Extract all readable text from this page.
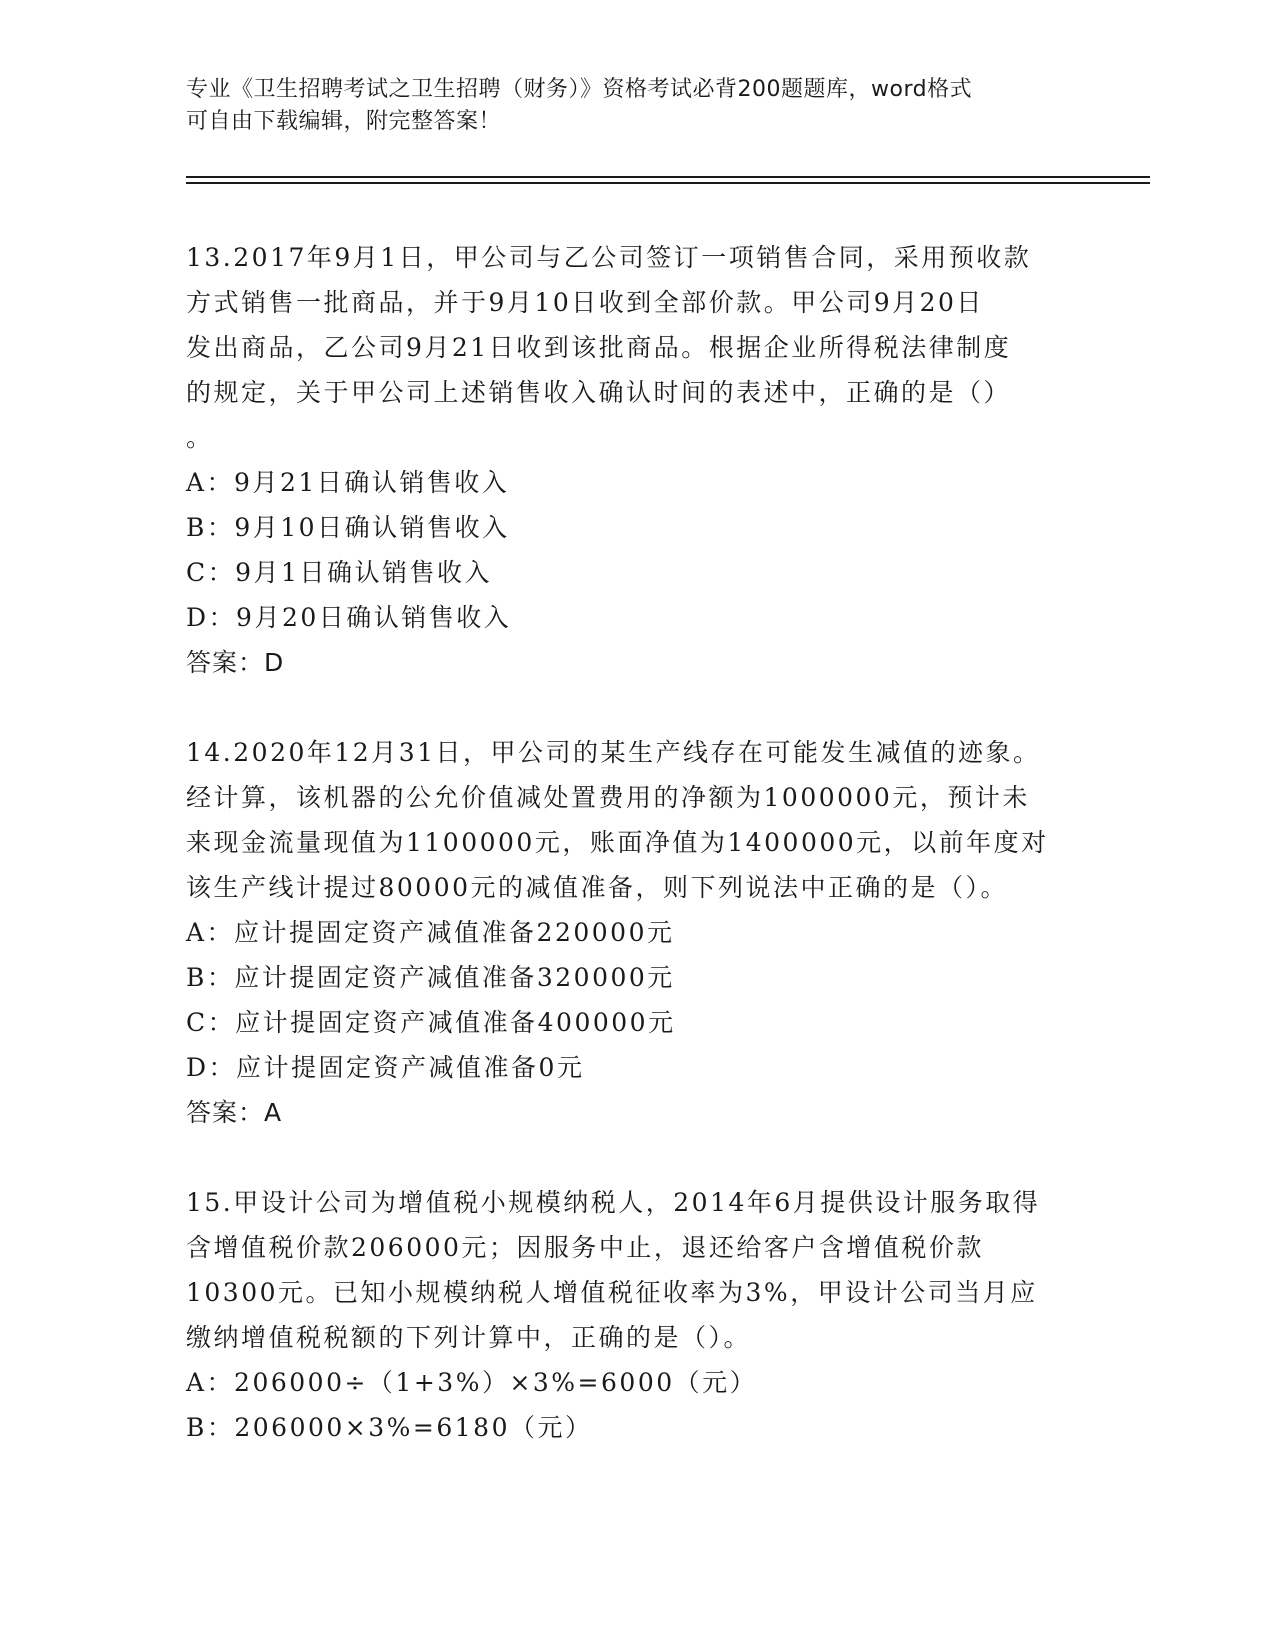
专业《卫生招聘考试之卫生招聘（财务）》资格考试必背200题题库，word格式
可自由下载编辑，附完整答案！
13.2017年9月1日，甲公司与乙公司签订一项销售合同，采用预收款
方式销售一批商品，并于9月10日收到全部价款。甲公司9月20日
发出商品，乙公司9月21日收到该批商品。根据企业所得税法律制度
的规定，关于甲公司上述销售收入确认时间的表述中，正确的是（）
。
A：9月21日确认销售收入
B：9月10日确认销售收入
C：9月1日确认销售收入
D：9月20日确认销售收入
答案：D
14.2020年12月31日，甲公司的某生产线存在可能发生减值的迹象。
经计算，该机器的公允价值减处置费用的净额为1000000元，预计未
来现金流量现值为1100000元，账面净值为1400000元，以前年度对
该生产线计提过80000元的减值准备，则下列说法中正确的是（）。
A：应计提固定资产减值准备220000元
B：应计提固定资产减值准备320000元
C：应计提固定资产减值准备400000元
D：应计提固定资产减值准备0元
答案：A
15.甲设计公司为增值税小规模纳税人，2014年6月提供设计服务取得
含增值税价款206000元；因服务中止，退还给客户含增值税价款
10300元。已知小规模纳税人增值税征收率为3%，甲设计公司当月应
缴纳增值税税额的下列计算中，正确的是（）。
A：206000÷（1+3%）×3%=6000（元）
B：206000×3%=6180（元）
